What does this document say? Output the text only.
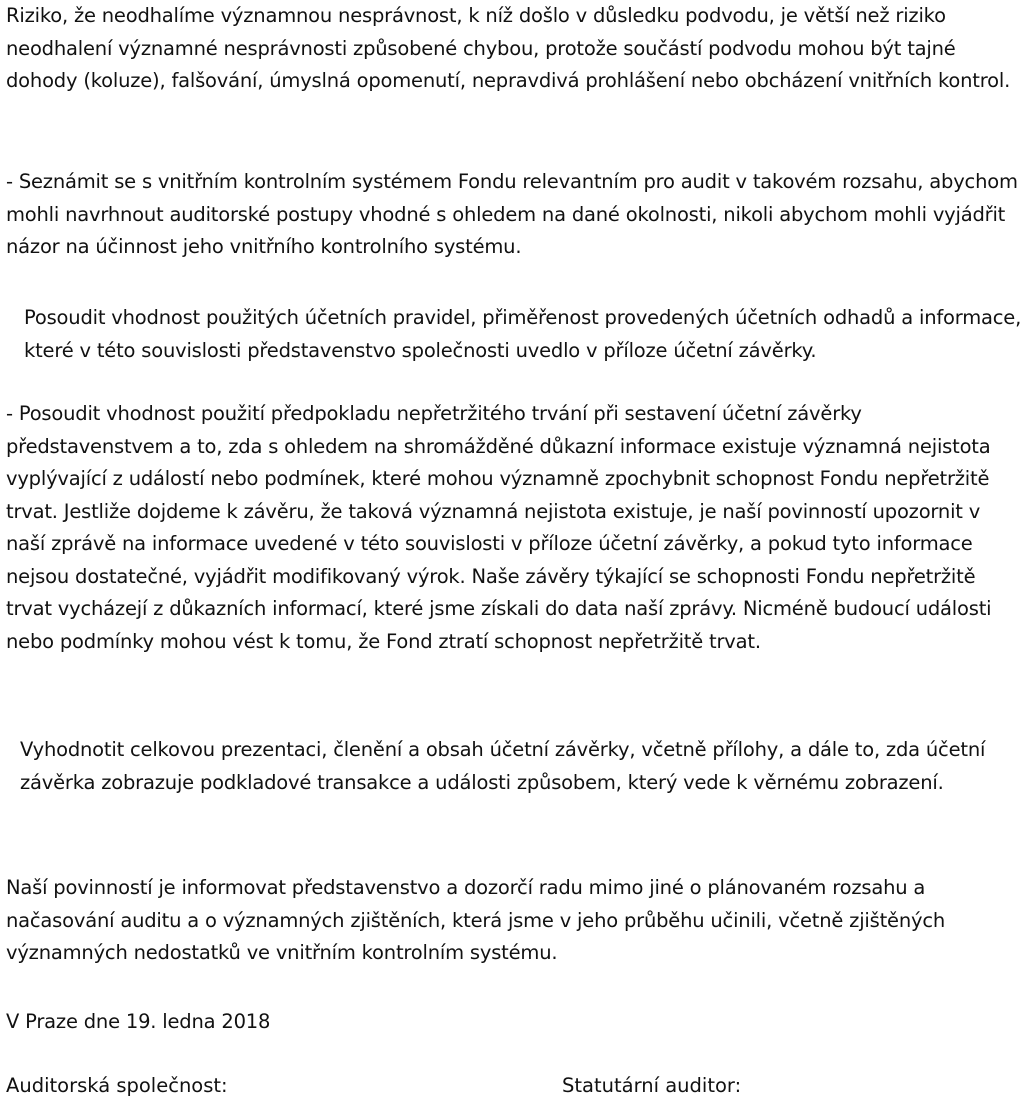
Riziko, že neodhalíme významnou nesprávnost, k níž došlo v důsledku podvodu, je větší než riziko neodhalení významné nesprávnosti způsobené chybou, protože součástí podvodu mohou být tajné dohody (koluze), falšování, úmyslná opomenutí, nepravdivá prohlášení nebo obcházení vnitřních kontrol.

- Seznámit se s vnitřním kontrolním systémem Fondu relevantním pro audit v takovém rozsahu, abychom mohli navrhnout auditorské postupy vhodné s ohledem na dané okolnosti, nikoli abychom mohli vyjádřit názor na účinnost jeho vnitřního kontrolního systému.

Posoudit vhodnost použitých účetních pravidel, přiměřenost provedených účetních odhadů a informace, které v této souvislosti představenstvo společnosti uvedlo v příloze účetní závěrky.

- Posoudit vhodnost použití předpokladu nepřetržitého trvání při sestavení účetní závěrky představenstvem a to, zda s ohledem na shromážděné důkazní informace existuje významná nejistota vyplývající z událostí nebo podmínek, které mohou významně zpochybnit schopnost Fondu nepřetržitě trvat. Jestliže dojdeme k závěru, že taková významná nejistota existuje, je naší povinností upozornit v naší zprávě na informace uvedené v této souvislosti v příloze účetní závěrky, a pokud tyto informace nejsou dostatečné, vyjádřit modifikovaný výrok. Naše závěry týkající se schopnosti Fondu nepřetržitě trvat vycházejí z důkazních informací, které jsme získali do data naší zprávy. Nicméně budoucí události nebo podmínky mohou vést k tomu, že Fond ztratí schopnost nepřetržitě trvat.

Vyhodnotit celkovou prezentaci, členění a obsah účetní závěrky, včetně přílohy, a dále to, zda účetní závěrka zobrazuje podkladové transakce a události způsobem, který vede k věrnému zobrazení.

Naší povinností je informovat představenstvo a dozorčí radu mimo jiné o plánovaném rozsahu a načasování auditu a o významných zjištěních, která jsme v jeho průběhu učinili, včetně zjištěných významných nedostatků ve vnitřním kontrolním systému.

V Praze dne 19. ledna 2018

Auditorská společnost:	Statutární auditor:
